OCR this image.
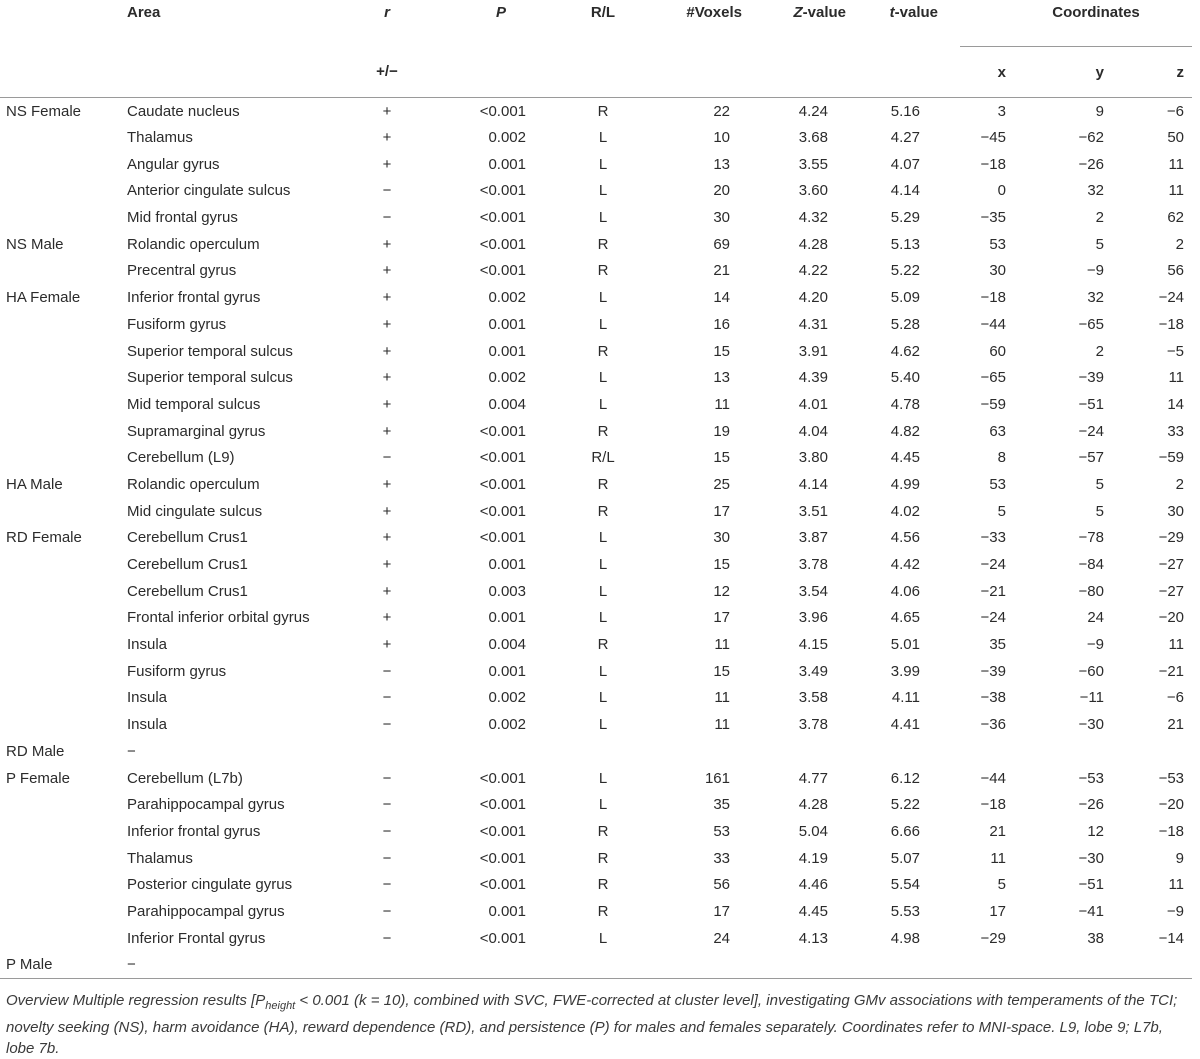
	Area	r	P	R/L	#Voxels	Z-value	t-value	Coordinates		
		+/−						x	y	z
NS Female	Caudate nucleus	+	<0.001	R	22	4.24	5.16	3	9	−6
	Thalamus	+	0.002	L	10	3.68	4.27	−45	−62	50
	Angular gyrus	+	0.001	L	13	3.55	4.07	−18	−26	11
	Anterior cingulate sulcus	−	<0.001	L	20	3.60	4.14	0	32	11
	Mid frontal gyrus	−	<0.001	L	30	4.32	5.29	−35	2	62
NS Male	Rolandic operculum	+	<0.001	R	69	4.28	5.13	53	5	2
	Precentral gyrus	+	<0.001	R	21	4.22	5.22	30	−9	56
HA Female	Inferior frontal gyrus	+	0.002	L	14	4.20	5.09	−18	32	−24
	Fusiform gyrus	+	0.001	L	16	4.31	5.28	−44	−65	−18
	Superior temporal sulcus	+	0.001	R	15	3.91	4.62	60	2	−5
	Superior temporal sulcus	+	0.002	L	13	4.39	5.40	−65	−39	11
	Mid temporal sulcus	+	0.004	L	11	4.01	4.78	−59	−51	14
	Supramarginal gyrus	+	<0.001	R	19	4.04	4.82	63	−24	33
	Cerebellum (L9)	−	<0.001	R/L	15	3.80	4.45	8	−57	−59
HA Male	Rolandic operculum	+	<0.001	R	25	4.14	4.99	53	5	2
	Mid cingulate sulcus	+	<0.001	R	17	3.51	4.02	5	5	30
RD Female	Cerebellum Crus1	+	<0.001	L	30	3.87	4.56	−33	−78	−29
	Cerebellum Crus1	+	0.001	L	15	3.78	4.42	−24	−84	−27
	Cerebellum Crus1	+	0.003	L	12	3.54	4.06	−21	−80	−27
	Frontal inferior orbital gyrus	+	0.001	L	17	3.96	4.65	−24	24	−20
	Insula	+	0.004	R	11	4.15	5.01	35	−9	11
	Fusiform gyrus	−	0.001	L	15	3.49	3.99	−39	−60	−21
	Insula	−	0.002	L	11	3.58	4.11	−38	−11	−6
	Insula	−	0.002	L	11	3.78	4.41	−36	−30	21
RD Male	−									
P Female	Cerebellum (L7b)	−	<0.001	L	161	4.77	6.12	−44	−53	−53
	Parahippocampal gyrus	−	<0.001	L	35	4.28	5.22	−18	−26	−20
	Inferior frontal gyrus	−	<0.001	R	53	5.04	6.66	21	12	−18
	Thalamus	−	<0.001	R	33	4.19	5.07	11	−30	9
	Posterior cingulate gyrus	−	<0.001	R	56	4.46	5.54	5	−51	11
	Parahippocampal gyrus	−	0.001	R	17	4.45	5.53	17	−41	−9
	Inferior Frontal gyrus	−	<0.001	L	24	4.13	4.98	−29	38	−14
P Male	−									
Overview Multiple regression results [$P_{height} < 0.001$ (k = 10), combined with SVC, FWE-corrected at cluster level], investigating GMv associations with temperaments of the TCI; novelty seeking (NS), harm avoidance (HA), reward dependence (RD), and persistence (P) for males and females separately. Coordinates refer to MNI-space. L9, lobe 9; L7b, lobe 7b.
